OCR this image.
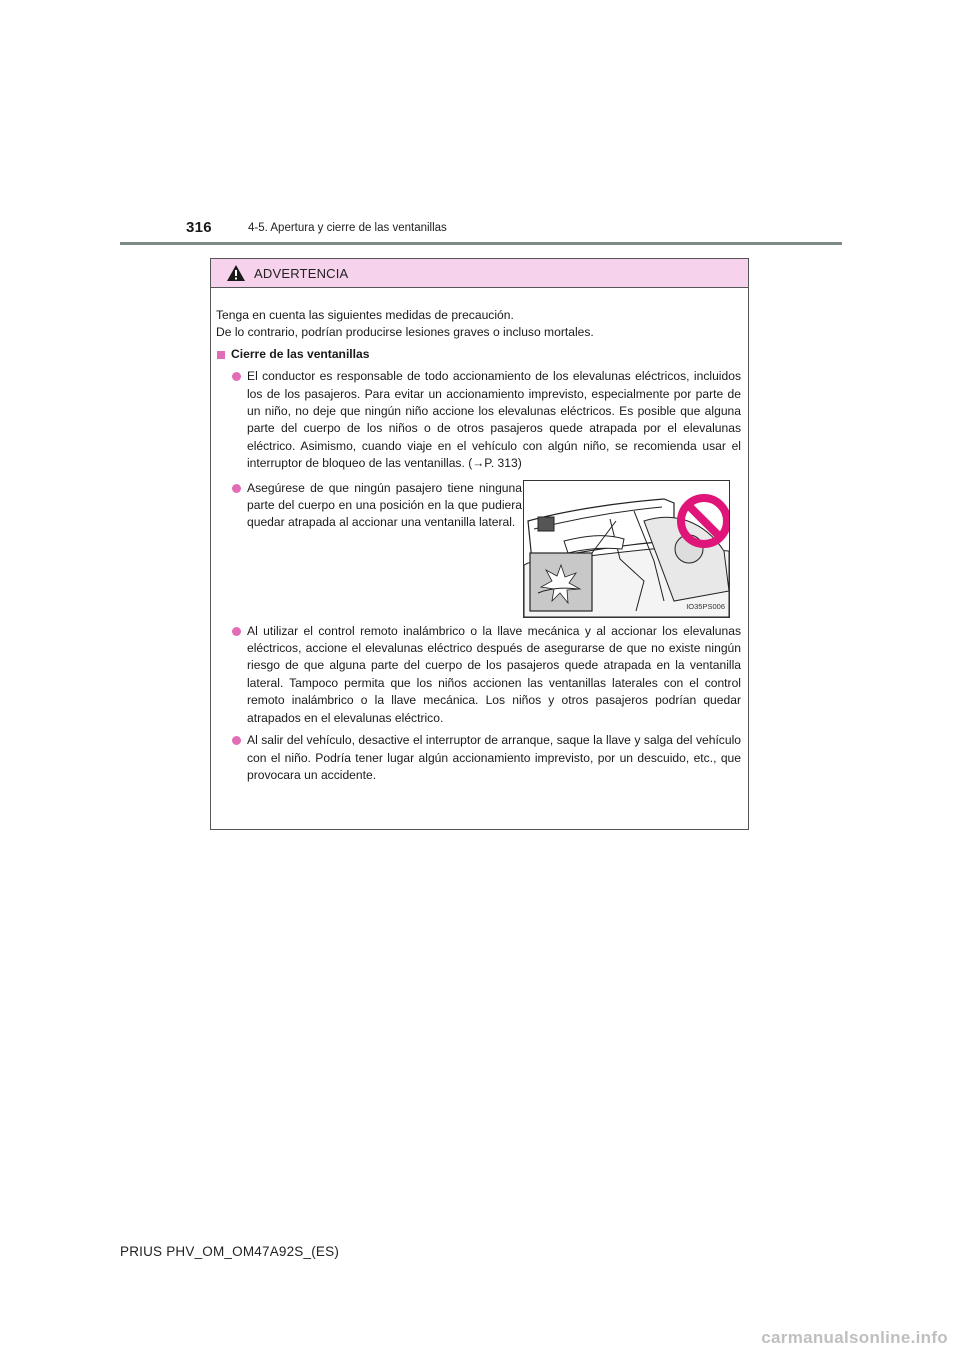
316	4-5. Apertura y cierre de las ventanillas
ADVERTENCIA

Tenga en cuenta las siguientes medidas de precaución.

De lo contrario, podrían producirse lesiones graves o incluso mortales.

Cierre de las ventanillas
El conductor es responsable de todo accionamiento de los elevalunas eléctricos, incluidos los de los pasajeros. Para evitar un accionamiento imprevisto, especialmente por parte de un niño, no deje que ningún niño accione los elevalunas eléctricos. Es posible que alguna parte del cuerpo de los niños o de otros pasajeros quede atrapada por el elevalunas eléctrico. Asimismo, cuando viaje en el vehículo con algún niño, se recomienda usar el interruptor de bloqueo de las ventanillas. (→P. 313)
Asegúrese de que ningún pasajero tiene ninguna parte del cuerpo en una posición en la que pudiera quedar atrapada al accionar una ventanilla lateral.
IO35PS006
Al utilizar el control remoto inalámbrico o la llave mecánica y al accionar los elevalunas eléctricos, accione el elevalunas eléctrico después de asegurarse de que no existe ningún riesgo de que alguna parte del cuerpo de los pasajeros quede atrapada en la ventanilla lateral. Tampoco permita que los niños accionen las ventanillas laterales con el control remoto inalámbrico o la llave mecánica. Los niños y otros pasajeros podrían quedar atrapados en el elevalunas eléctrico.
Al salir del vehículo, desactive el interruptor de arranque, saque la llave y salga del vehículo con el niño. Podría tener lugar algún accionamiento imprevisto, por un descuido, etc., que provocara un accidente.
PRIUS PHV_OM_OM47A92S_(ES)
carmanualsonline.info
